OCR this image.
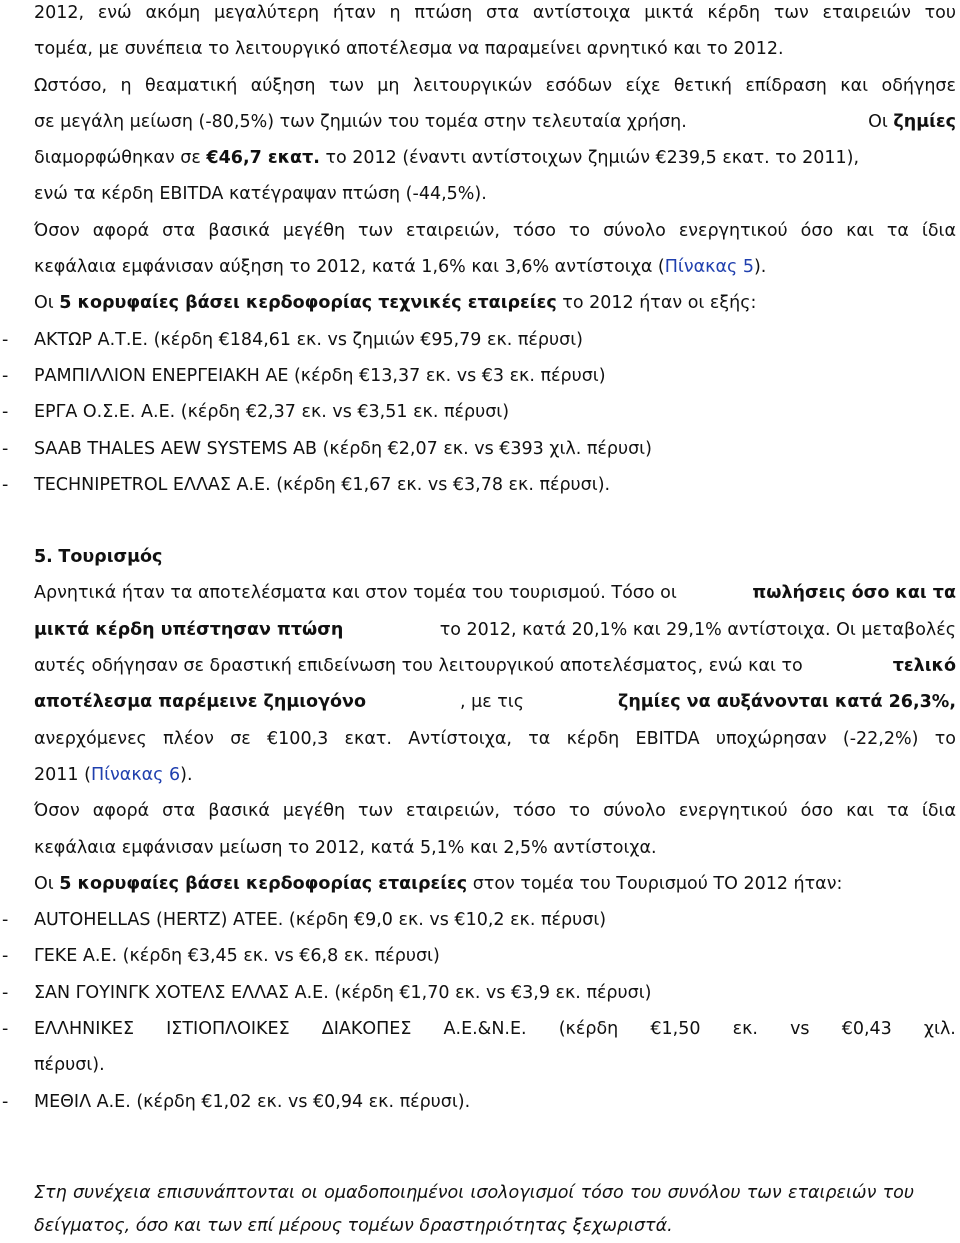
2012, ενώ ακόμη μεγαλύτερη ήταν η πτώση στα αντίστοιχα μικτά κέρδη των εταιρειών του
τομέα, με συνέπεια το λειτουργικό αποτέλεσμα να παραμείνει αρνητικό και το 2012.
Ωστόσο, η θεαματική αύξηση των μη λειτουργικών εσόδων είχε θετική επίδραση και οδήγησε
σε μεγάλη μείωση (-80,5%) των ζημιών του τομέα στην τελευταία χρήση.	Οι ζημίες
διαμορφώθηκαν σε €46,7 εκατ. το 2012 (έναντι αντίστοιχων ζημιών €239,5 εκατ. το 2011),
ενώ τα κέρδη EBITDA κατέγραψαν πτώση (-44,5%).
Όσον αφορά στα βασικά μεγέθη των εταιρειών, τόσο το σύνολο ενεργητικού όσο και τα ίδια
κεφάλαια εμφάνισαν αύξηση το 2012, κατά 1,6% και 3,6% αντίστοιχα (Πίνακας 5).
Οι 5 κορυφαίες βάσει κερδοφορίας τεχνικές εταιρείες το 2012 ήταν οι εξής:
- ΑΚΤΩΡ Α.Τ.Ε. (κέρδη €184,61 εκ. vs ζημιών €95,79 εκ. πέρυσι)
- ΡΑΜΠΙΛΛΙΟΝ ΕΝΕΡΓΕΙΑΚΗ ΑΕ (κέρδη €13,37 εκ. vs €3 εκ. πέρυσι)
- ΕΡΓΑ Ο.Σ.Ε. Α.Ε. (κέρδη €2,37 εκ. vs €3,51 εκ. πέρυσι)
- SAAB THALES AEW SYSTEMS AB (κέρδη €2,07 εκ. vs €393 χιλ. πέρυσι)
- TECHNIPETROL ΕΛΛΑΣ Α.Ε. (κέρδη €1,67 εκ. vs €3,78 εκ. πέρυσι).
5. Τουρισμός
Αρνητικά ήταν τα αποτελέσματα και στον τομέα του τουρισμού. Τόσο οι	πωλήσεις όσο και τα
μικτά κέρδη υπέστησαν πτώση	το 2012, κατά 20,1% και 29,1% αντίστοιχα. Οι μεταβολές
αυτές οδήγησαν σε δραστική επιδείνωση του λειτουργικού αποτελέσματος, ενώ και το	τελικό
αποτέλεσμα παρέμεινε ζημιογόνο	, με τις	ζημίες να αυξάνονται κατά 26,3%,
ανερχόμενες πλέον σε €100,3 εκατ. Αντίστοιχα, τα κέρδη EBITDA υποχώρησαν (-22,2%) το
2011 (Πίνακας 6).
Όσον αφορά στα βασικά μεγέθη των εταιρειών, τόσο το σύνολο ενεργητικού όσο και τα ίδια
κεφάλαια εμφάνισαν μείωση το 2012, κατά 5,1% και 2,5% αντίστοιχα.
Οι 5 κορυφαίες βάσει κερδοφορίας εταιρείες στον τομέα του Τουρισμού ΤΟ 2012 ήταν:
- AUTOHELLAS (HERTZ) ΑΤΕΕ. (κέρδη €9,0 εκ. vs €10,2 εκ. πέρυσι)
- ΓΕΚΕ Α.Ε. (κέρδη €3,45 εκ. vs €6,8 εκ. πέρυσι)
- ΣΑΝ ΓΟΥΙΝΓΚ ΧΟΤΕΛΣ ΕΛΛΑΣ Α.Ε. (κέρδη €1,70 εκ. vs €3,9 εκ. πέρυσι)
- ΕΛΛΗΝΙΚΕΣ ΙΣΤΙΟΠΛΟΙΚΕΣ ΔΙΑΚΟΠΕΣ Α.Ε.&Ν.Ε. (κέρδη €1,50 εκ. vs €0,43 χιλ.
πέρυσι).
- ΜΕΘΙΛ Α.Ε. (κέρδη €1,02 εκ. vs €0,94 εκ. πέρυσι).
Στη συνέχεια επισυνάπτονται οι ομαδοποιημένοι ισολογισμοί τόσο του συνόλου των εταιρειών του
δείγματος, όσο και των επί μέρους τομέων δραστηριότητας ξεχωριστά.
